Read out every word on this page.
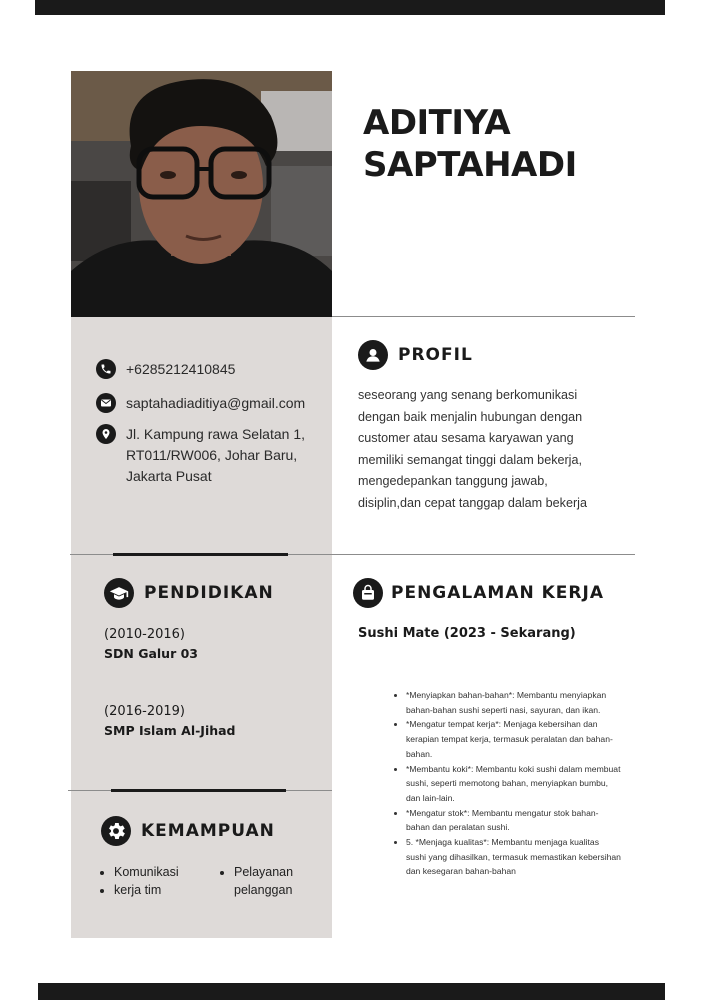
ADITIYA
SAPTAHADI
+6285212410845
saptahadiaditiya@gmail.com
Jl. Kampung rawa Selatan 1,
RT011/RW006, Johar Baru,
Jakarta Pusat
PROFIL
seseorang yang senang berkomunikasi
dengan baik menjalin hubungan dengan
customer atau sesama karyawan yang
memiliki semangat tinggi dalam bekerja,
mengedepankan tanggung jawab,
disiplin,dan cepat tanggap dalam bekerja
PENDIDIKAN
(2010-2016)
SDN Galur 03
(2016-2019)
SMP Islam Al-Jihad
PENGALAMAN KERJA
Sushi Mate (2023 - Sekarang)
• *Menyiapkan bahan-bahan*: Membantu menyiapkan bahan-bahan sushi seperti nasi, sayuran, dan ikan.
• *Mengatur tempat kerja*: Menjaga kebersihan dan kerapian tempat kerja, termasuk peralatan dan bahan-bahan.
• *Membantu koki*: Membantu koki sushi dalam membuat sushi, seperti memotong bahan, menyiapkan bumbu, dan lain-lain.
• *Mengatur stok*: Membantu mengatur stok bahan-bahan dan peralatan sushi.
• 5. *Menjaga kualitas*: Membantu menjaga kualitas sushi yang dihasilkan, termasuk memastikan kebersihan dan kesegaran bahan-bahan
KEMAMPUAN
• Komunikasi
• kerja tim
• Pelayanan pelanggan
